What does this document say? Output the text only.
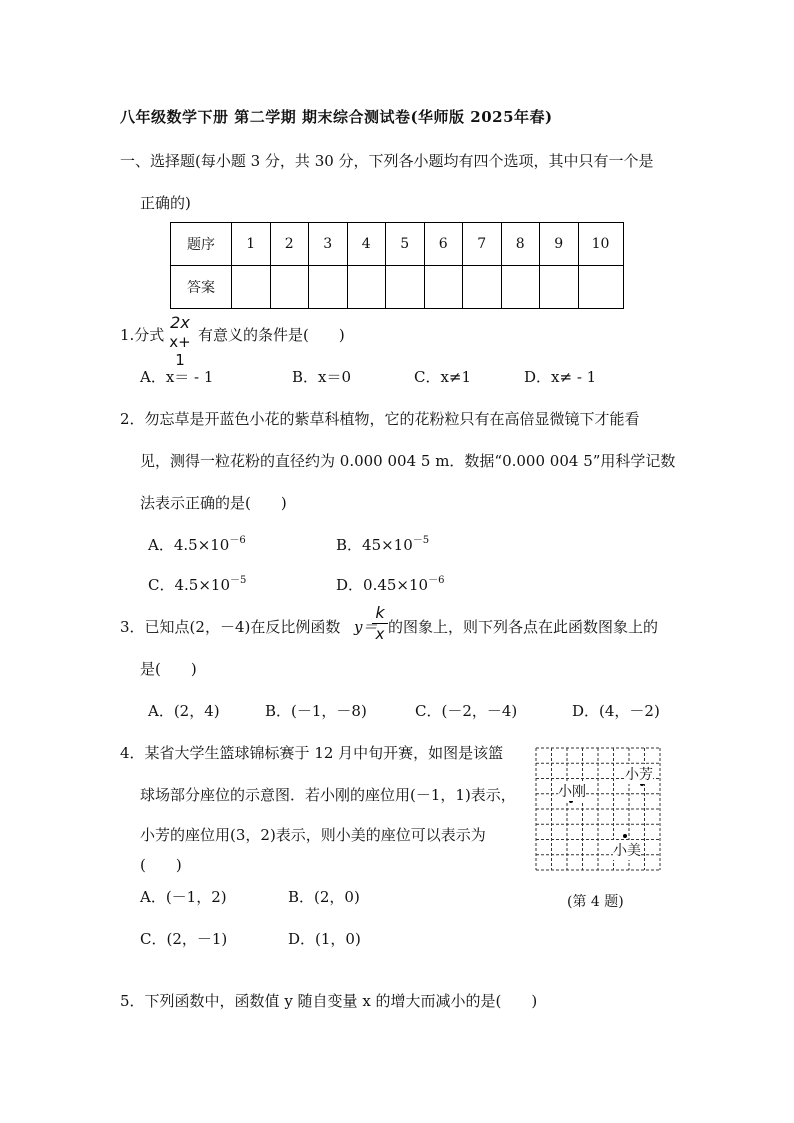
八年级数学下册 第二学期 期末综合测试卷(华师版 2025年春)
一、选择题(每小题 3 分，共 30 分，下列各小题均有四个选项，其中只有一个是
正确的)
题序	1	2	3	4	5	6	7	8	9	10
答案										
1.分式
2x
x+ 1
有意义的条件是(　　)
A．x＝ - 1	B．x＝0	C．x≠1	D．x≠ - 1
2．勿忘草是开蓝色小花的紫草科植物，它的花粉粒只有在高倍显微镜下才能看
见，测得一粒花粉的直径约为 0.000 004 5 m．数据“0.000 004 5”用科学记数
法表示正确的是(　　)
A．$4.5\times 10^{-6}$	B．$45\times 10^{-5}$
C．$4.5\times 10^{-5}$	D．$0.45\times 10^{-6}$
3．已知点(2，－4)在反比例函数 y＝
k
x 的图象上，则下列各点在此函数图象上的
是(　　)
A．(2，4)	B．(－1，－8)	C．(－2，－4)	D．(4，－2)
4．某省大学生篮球锦标赛于 12 月中旬开赛，如图是该篮
球场部分座位的示意图．若小刚的座位用(－1，1)表示，
小芳的座位用(3，2)表示，则小美的座位可以表示为
(　　)
A．(－1，2)	B．(2，0)
C．(2，－1)	D．(1，0)
小刚
小芳
小美
(第 4 题)
5．下列函数中，函数值 y 随自变量 x 的增大而减小的是(　　)
